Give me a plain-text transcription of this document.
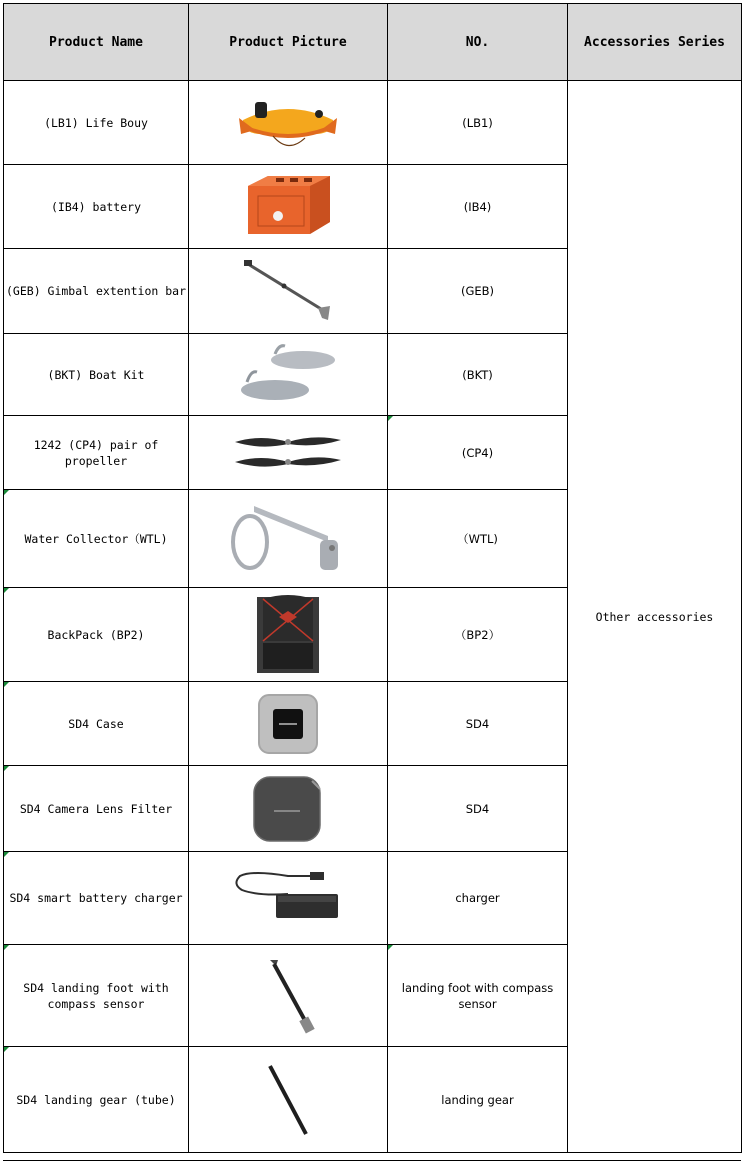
Product Name	Product Picture	NO.	Accessories Series
(LB1) Life Bouy		(LB1)	Other accessories
(IB4) battery		(IB4)	
(GEB) Gimbal extention bar		(GEB)	
(BKT) Boat Kit		(BKT)	
1242 (CP4) pair of propeller		(CP4)	
Water Collector（WTL)		（WTL)	
BackPack (BP2)		（BP2）	
SD4 Case		SD4	
SD4 Camera Lens Filter		SD4	
SD4 smart battery charger		charger	
SD4 landing foot with compass sensor		landing foot with compass sensor	
SD4 landing gear (tube)		landing gear	
